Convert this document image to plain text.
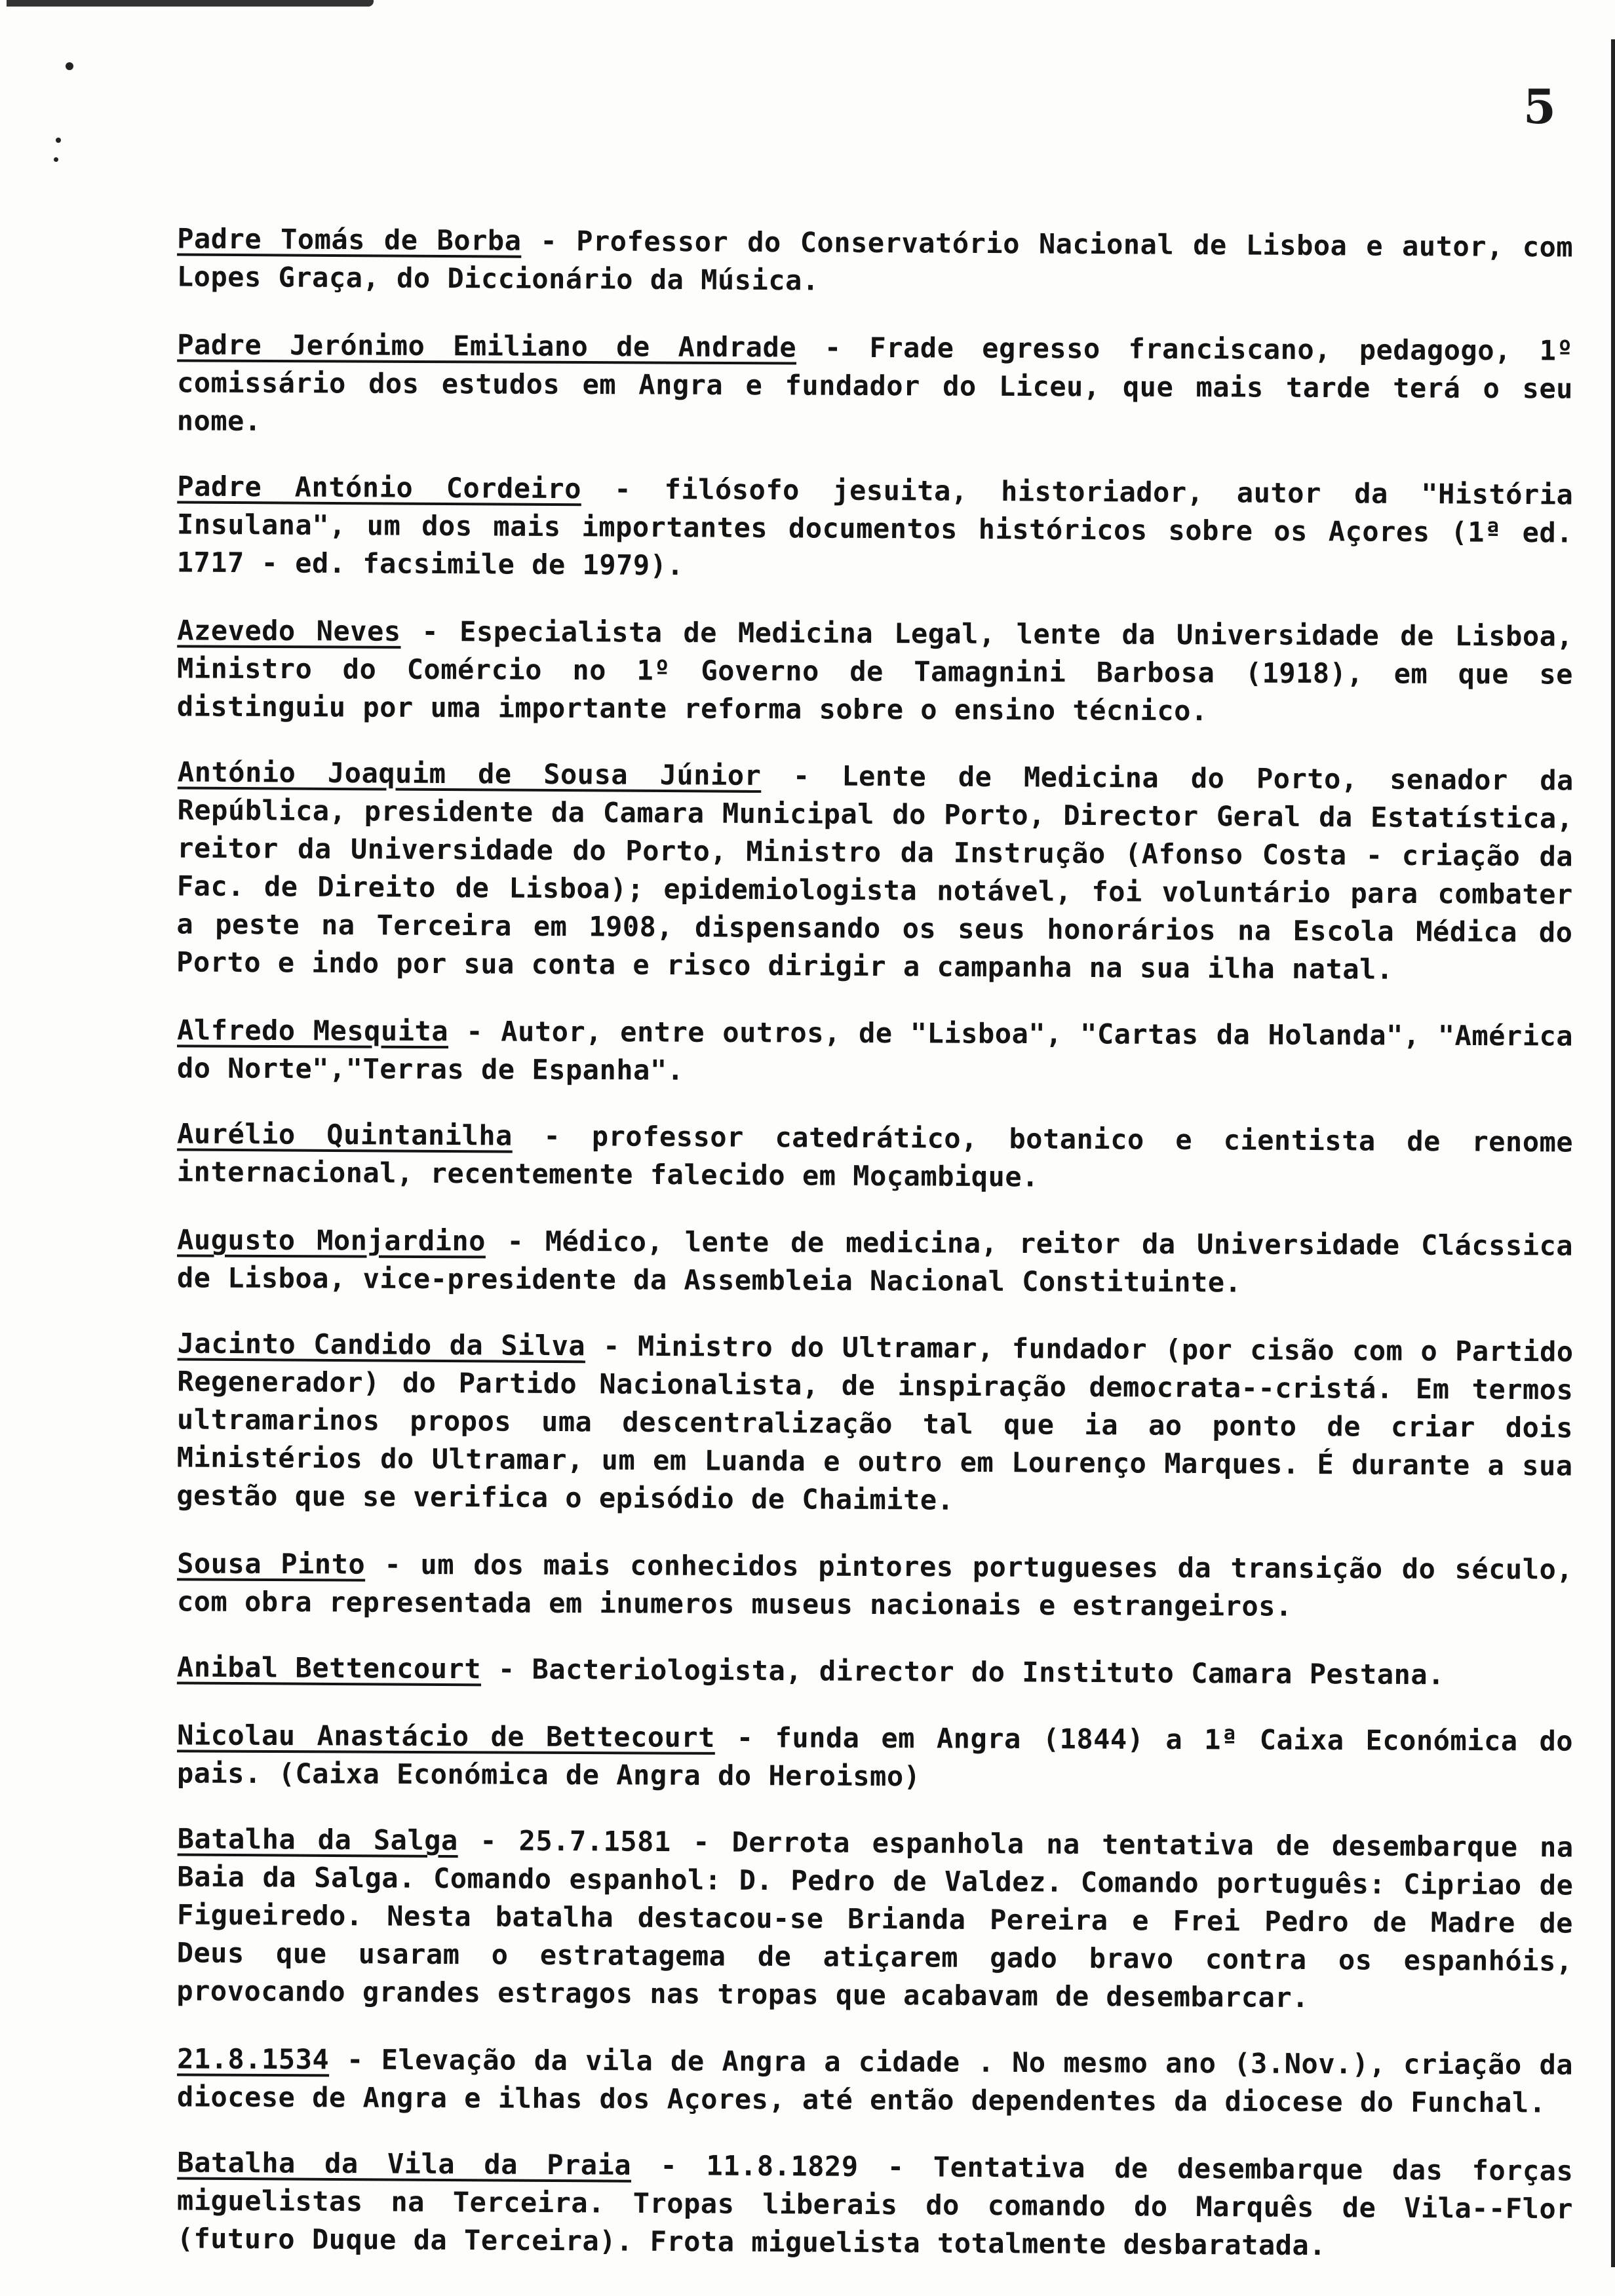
5

Padre Tomás de Borba - Professor do Conservatório Nacional de Lisboa e autor, com Lopes Graça, do Diccionário da Música.

Padre Jerónimo Emiliano de Andrade - Frade egresso franciscano, pedagogo, 1º comissário dos estudos em Angra e fundador do Liceu, que mais tarde terá o seu nome.

Padre António Cordeiro - filósofo jesuita, historiador, autor da "História Insulana", um dos mais importantes documentos históricos sobre os Açores (1ª ed. 1717 - ed. facsimile de 1979).

Azevedo Neves - Especialista de Medicina Legal, lente da Universidade de Lisboa, Ministro do Comércio no 1º Governo de Tamagnini Barbosa (1918), em que se distinguiu por uma importante reforma sobre o ensino técnico.

António Joaquim de Sousa Júnior - Lente de Medicina do Porto, senador da República, presidente da Camara Municipal do Porto, Director Geral da Estatística, reitor da Universidade do Porto, Ministro da Instrução (Afonso Costa - criação da Fac. de Direito de Lisboa); epidemiologista notável, foi voluntário para combater a peste na Terceira em 1908, dispensando os seus honorários na Escola Médica do Porto e indo por sua conta e risco dirigir a campanha na sua ilha natal.

Alfredo Mesquita - Autor, entre outros, de "Lisboa", "Cartas da Holanda", "América do Norte","Terras de Espanha".

Aurélio Quintanilha - professor catedrático, botanico e cientista de renome internacional, recentemente falecido em Moçambique.

Augusto Monjardino - Médico, lente de medicina, reitor da Universidade Clácssica de Lisboa, vice-presidente da Assembleia Nacional Constituinte.

Jacinto Candido da Silva - Ministro do Ultramar, fundador (por cisão com o Partido Regenerador) do Partido Nacionalista, de inspiração democrata--cristá. Em termos ultramarinos propos uma descentralização tal que ia ao ponto de criar dois Ministérios do Ultramar, um em Luanda e outro em Lourenço Marques. É durante a sua gestão que se verifica o episódio de Chaimite.

Sousa Pinto - um dos mais conhecidos pintores portugueses da transição do século, com obra representada em inumeros museus nacionais e estrangeiros.

Anibal Bettencourt - Bacteriologista, director do Instituto Camara Pestana.

Nicolau Anastácio de Bettecourt - funda em Angra (1844) a 1ª Caixa Económica do pais. (Caixa Económica de Angra do Heroismo)

Batalha da Salga - 25.7.1581 - Derrota espanhola na tentativa de desembarque na Baia da Salga. Comando espanhol: D. Pedro de Valdez. Comando português: Cipriao de Figueiredo. Nesta batalha destacou-se Brianda Pereira e Frei Pedro de Madre de Deus que usaram o estratagema de atiçarem gado bravo contra os espanhóis, provocando grandes estragos nas tropas que acabavam de desembarcar.

21.8.1534 - Elevação da vila de Angra a cidade . No mesmo ano (3.Nov.), criação da diocese de Angra e ilhas dos Açores, até então dependentes da diocese do Funchal.

Batalha da Vila da Praia - 11.8.1829 - Tentativa de desembarque das forças miguelistas na Terceira. Tropas liberais do comando do Marquês de Vila--Flor (futuro Duque da Terceira). Frota miguelista totalmente desbaratada.
